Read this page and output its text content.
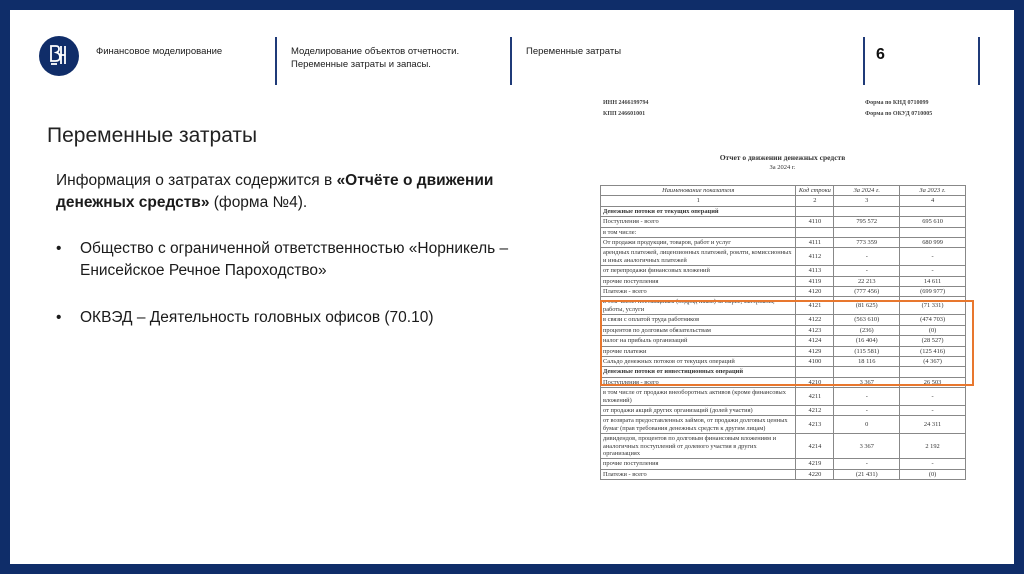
Финансовое моделирование	Моделирование объектов отчетности. Переменные затраты и запасы.
Переменные затраты	6
Переменные затраты
Информация о затратах содержится в «Отчёте о движении денежных средств» (форма №4).
• Общество с ограниченной ответственностью «Норникель – Енисейское Речное Пароходство»
• ОКВЭД – Деятельность головных офисов (70.10)
ИНН 2466199794
КПП 246601001
Форма по КНД 0710099
Форма по ОКУД 0710005
Отчет о движении денежных средств
За 2024 г.
Наименование показателя	Код строки	За 2024 г.	За 2023 г.
1	2	3	4
Денежные потоки от текущих операций			
Поступления - всего	4110	795 572	695 610
в том числе:			
От продажи продукции, товаров, работ и услуг	4111	773 359	680 999
арендных платежей, лицензионных платежей, роялти, комиссионных и иных аналогичных платежей	4112	-	-
от перепродажи финансовых вложений	4113	-	-
прочие поступления	4119	22 213	14 611
Платежи - всего	4120	(777 456)	(699 977)
в том числе: поставщикам (подрядчикам) за сырье, материалы, работы, услуги	4121	(81 625)	(71 331)
в связи с оплатой труда работников	4122	(563 610)	(474 703)
процентов по долговым обязательствам	4123	(236)	(0)
налог на прибыль организаций	4124	(16 404)	(28 527)
прочие платежи	4129	(115 581)	(125 416)
Сальдо денежных потоков от текущих операций	4100	18 116	(4 367)
Денежные потоки от инвестиционных операций			
Поступления - всего	4210	3 367	26 503
в том числе от продажи внеоборотных активов (кроме финансовых вложений)	4211	-	-
от продажи акций других организаций (долей участия)	4212	-	-
от возврата предоставленных займов, от продажи долговых ценных бумаг (прав требования денежных средств к другим лицам)	4213	0	24 311
дивидендов, процентов по долговым финансовым вложениям и аналогичных поступлений от долевого участия в других организациях	4214	3 367	2 192
прочие поступления	4219	-	-
Платежи - всего	4220	(21 431)	(0)
